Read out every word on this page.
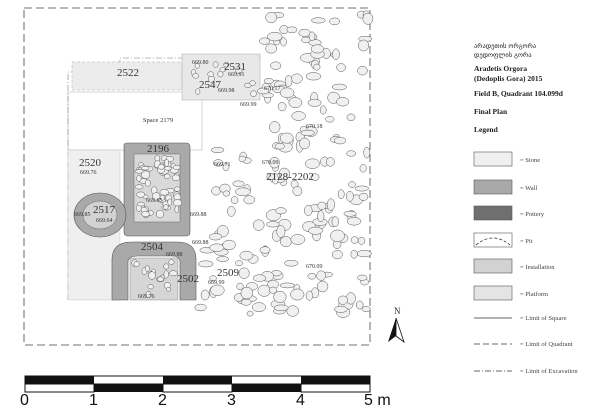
2522	2531
2547
Space 2179
2520
2196
2517
2504
2502 2509
2128-2202
669.80
669.91
669.98	670.17
669.99
670.18
669.71	670.09
669.76
669.65
669.85
669.64
669.88
669.88
669.88
669.99
670.09
669.76
N
არადეთის ორგორა
დედოფლის გორა
Aradetis Orgora
(Dedoplis Gora) 2015
Field B, Quadrant 104.099d
Final Plan
Legend
= Stone
= Wall
= Pottery
= Pit
= Installation
= Platform
= Limit of Square
= Limit of Quadrant
= Limit of Excavation
0	1	2	3	4	5 m
